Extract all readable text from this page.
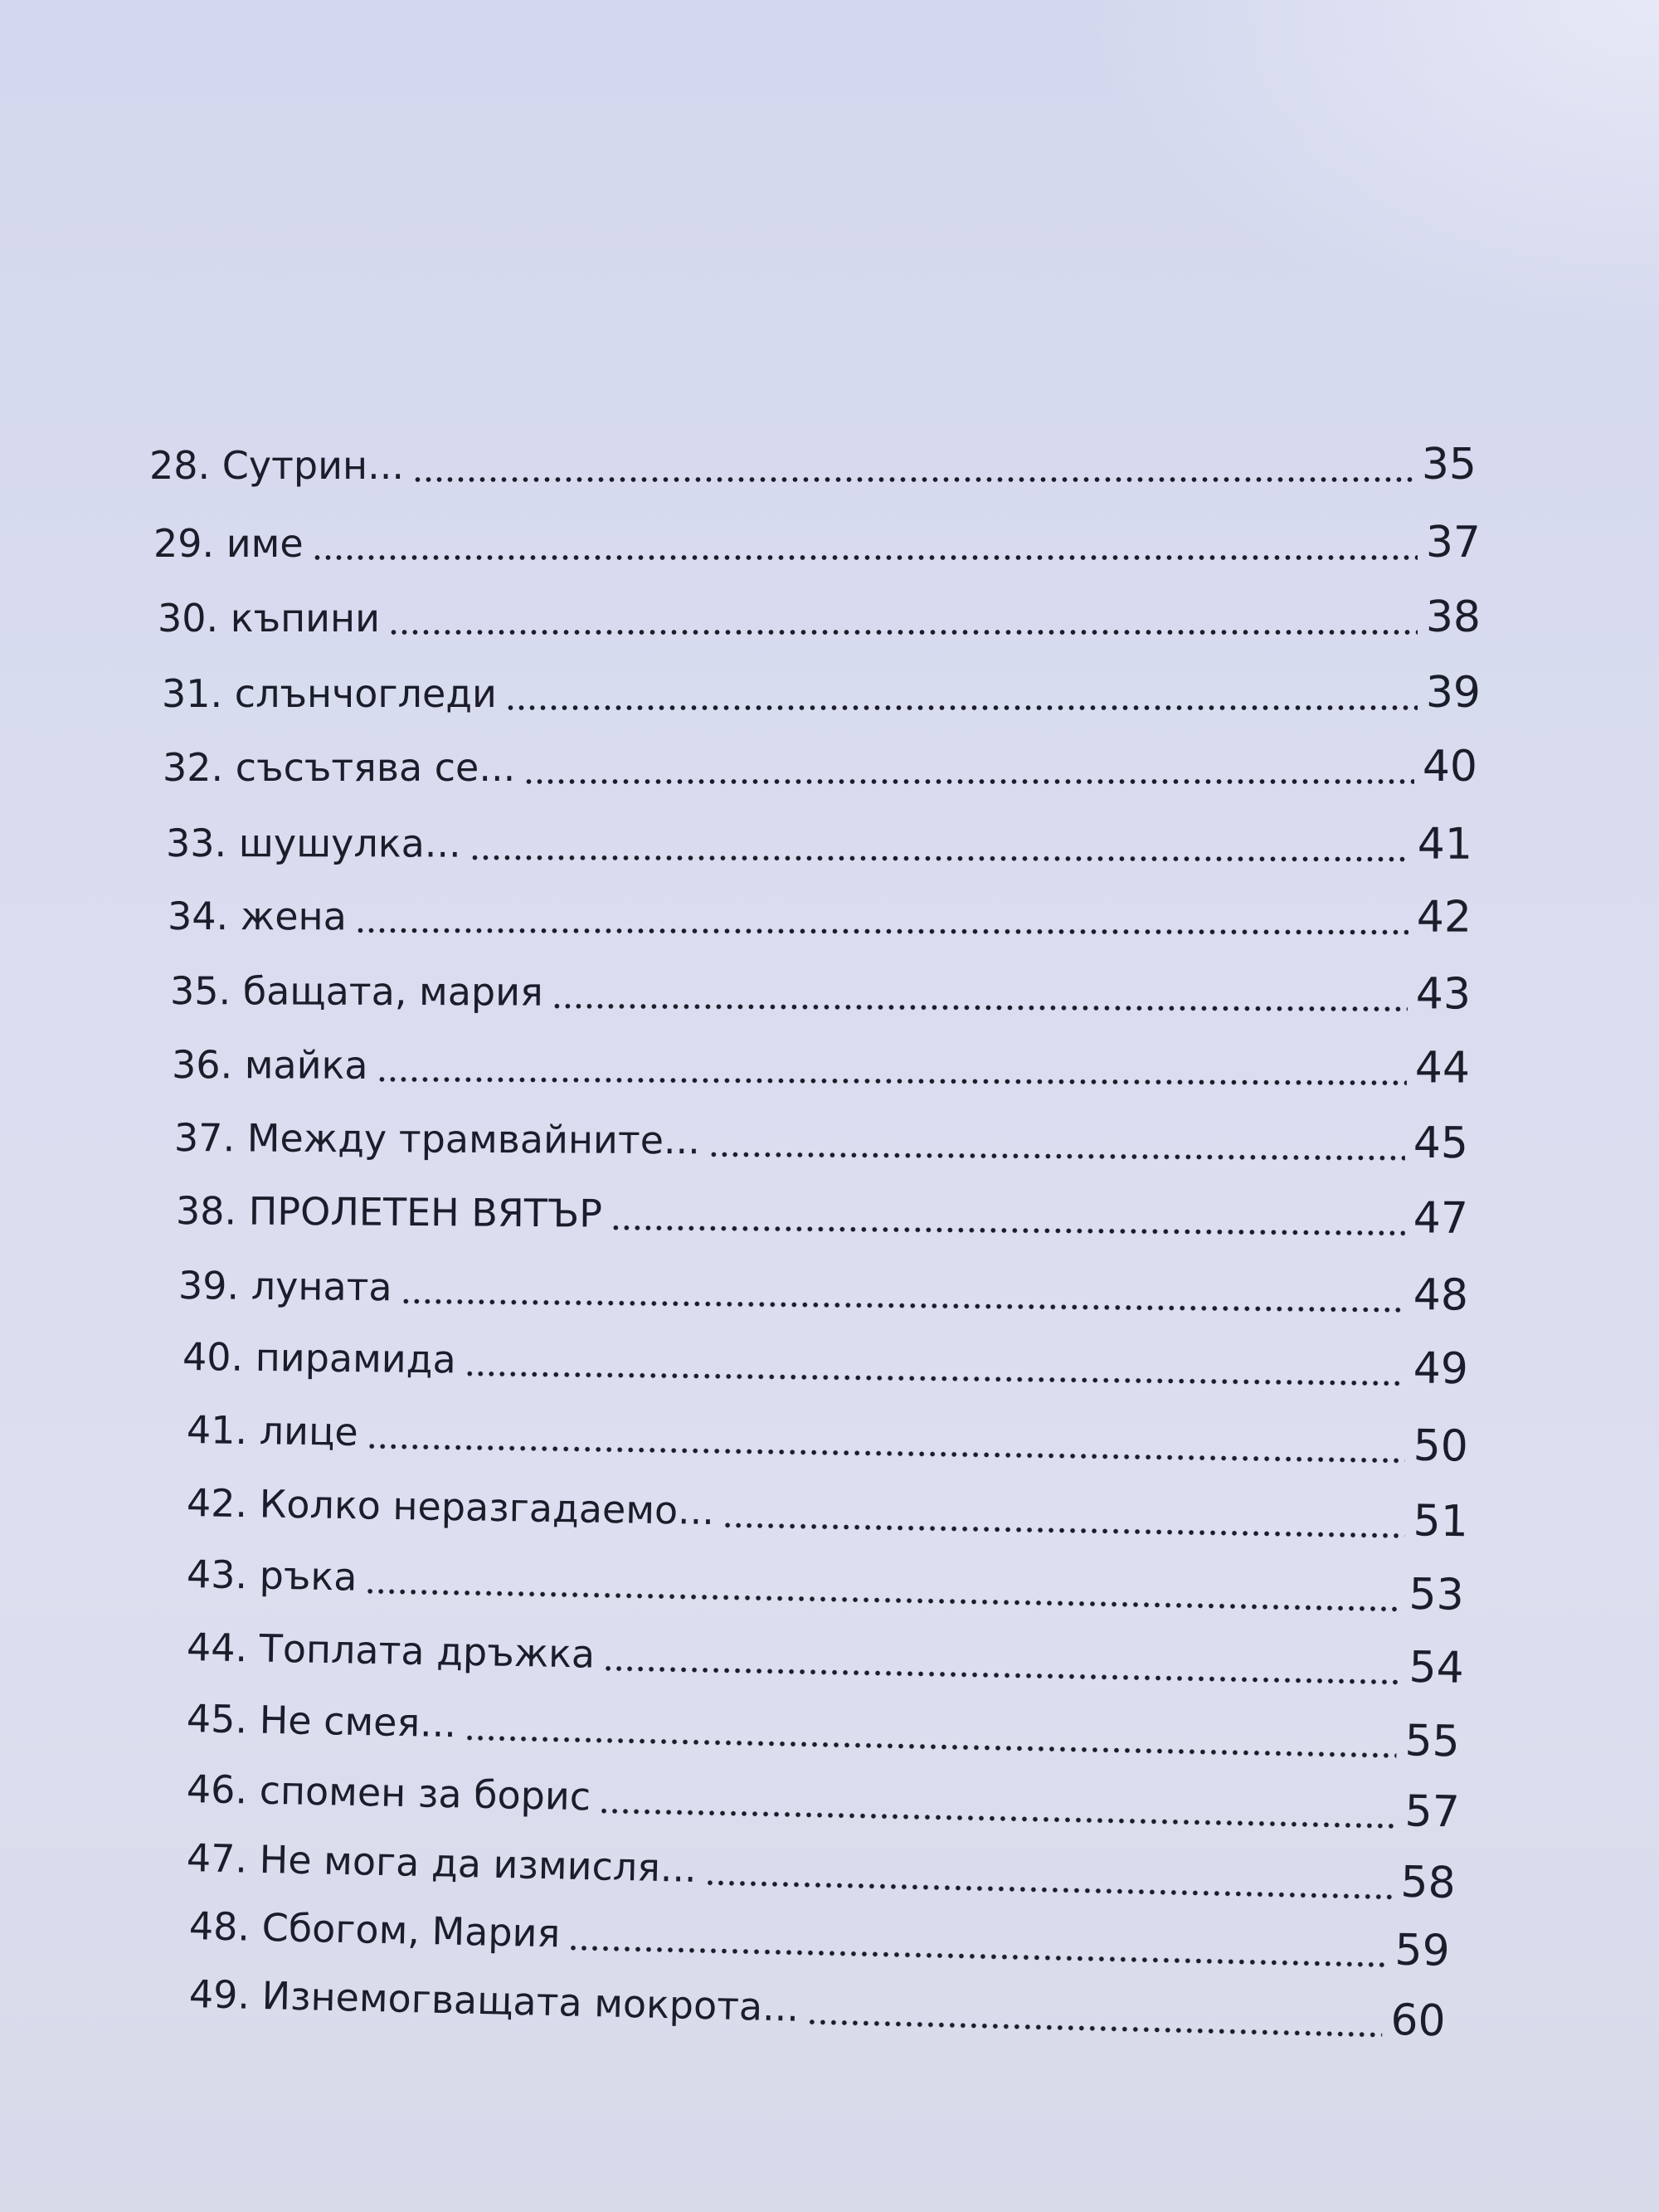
28. Сутрин...	35
29. име	37
30. къпини	38
31. слънчогледи	39
32. съсътява се...	40
33. шушулка...	41
34. жена	42
35. бащата, мария	43
36. майка	44
37. Между трамвайните...	45
38. ПРОЛЕТЕН ВЯТЪР	47
39. луната	48
40. пирамида	49
41. лице	50
42. Колко неразгадаемо...	51
43. ръка	53
44. Топлата дръжка	54
45. Не смея...	55
46. спомен за борис	57
47. Не мога да измисля...	58
48. Сбогом, Мария	59
49. Изнемогващата мокрота...	60
